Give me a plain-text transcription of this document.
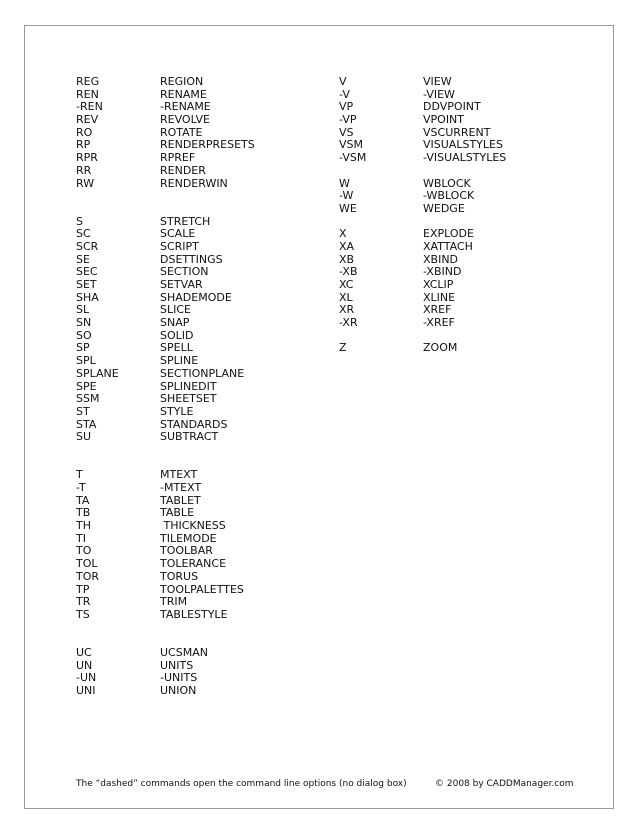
REG	REGION
REN	RENAME
-REN	-RENAME
REV	REVOLVE
RO	ROTATE
RP	RENDERPRESETS
RPR	RPREF
RR	RENDER
RW	RENDERWIN
S	STRETCH
SC	SCALE
SCR	SCRIPT
SE	DSETTINGS
SEC	SECTION
SET	SETVAR
SHA	SHADEMODE
SL	SLICE
SN	SNAP
SO	SOLID
SP	SPELL
SPL	SPLINE
SPLANE	SECTIONPLANE
SPE	SPLINEDIT
SSM	SHEETSET
ST	STYLE
STA	STANDARDS
SU	SUBTRACT
T	MTEXT
-T	-MTEXT
TA	TABLET
TB	TABLE
TH	THICKNESS
TI	TILEMODE
TO	TOOLBAR
TOL	TOLERANCE
TOR	TORUS
TP	TOOLPALETTES
TR	TRIM
TS	TABLESTYLE
UC	UCSMAN
UN	UNITS
-UN	-UNITS
UNI	UNION
V	VIEW
-V	-VIEW
VP	DDVPOINT
-VP	VPOINT
VS	VSCURRENT
VSM	VISUALSTYLES
-VSM	-VISUALSTYLES
W	WBLOCK
-W	-WBLOCK
WE	WEDGE
X	EXPLODE
XA	XATTACH
XB	XBIND
-XB	-XBIND
XC	XCLIP
XL	XLINE
XR	XREF
-XR	-XREF
Z	ZOOM
The “dashed” commands open the command line options (no dialog box)	© 2008 by CADDManager.com
